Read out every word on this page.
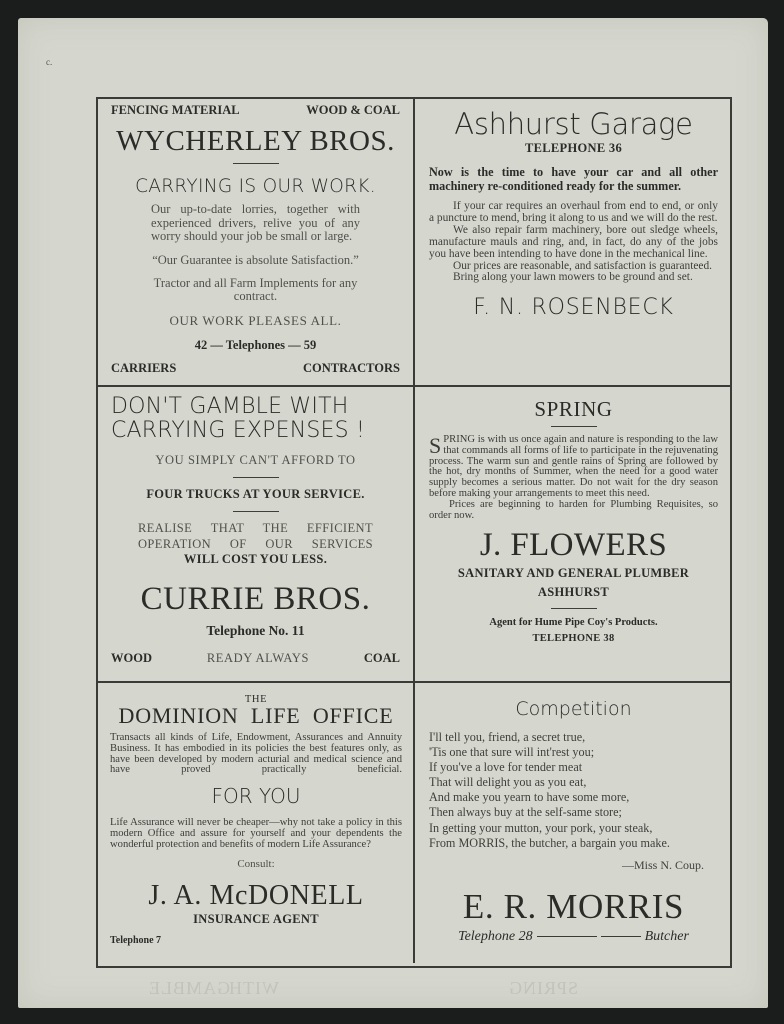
c.
FENCING MATERIAL	WOOD & COAL
WYCHERLEY BROS.
CARRYING IS OUR WORK.
Our up-to-date lorries, together with experienced drivers, relive you of any worry should your job be small or large.
“Our Guarantee is absolute Satisfaction.”
Tractor and all Farm Implements for any contract.
OUR WORK PLEASES ALL.
42 — Telephones — 59
CARRIERS	CONTRACTORS
Ashhurst Garage
TELEPHONE 36
Now is the time to have your car and all other machinery re-conditioned ready for the summer.

If your car requires an overhaul from end to end, or only a puncture to mend, bring it along to us and we will do the rest.

We also repair farm machinery, bore out sledge wheels, manufacture mauls and ring, and, in fact, do any of the jobs you have been intending to have done in the mechanical line.

Our prices are reasonable, and satisfaction is guaranteed.

Bring along your lawn mowers to be ground and set.

F. N. ROSENBECK
DON'T GAMBLE WITH
CARRYING EXPENSES !
YOU SIMPLY CAN'T AFFORD TO
FOUR TRUCKS AT YOUR SERVICE.
REALISE THAT THE EFFICIENT OPERATION OF OUR SERVICES
WILL COST YOU LESS.
CURRIE BROS.
Telephone No. 11
WOOD	READY ALWAYS	COAL
SPRING

SPRING is with us once again and nature is responding to the law that commands all forms of life to participate in the rejuvenating process. The warm sun and gentle rains of Spring are followed by the hot, dry months of Summer, when the need for a good water supply becomes a serious matter. Do not wait for the dry season before making your arrangements to meet this need.

Prices are beginning to harden for Plumbing Requisites, so order now.

J. FLOWERS
SANITARY AND GENERAL PLUMBER
ASHHURST
Agent for Hume Pipe Coy's Products.
TELEPHONE 38
THE
DOMINION LIFE OFFICE
Transacts all kinds of Life, Endowment, Assurances and Annuity Business. It has embodied in its policies the best features only, as have been developed by modern acturial and medical science and have proved practically beneficial.
FOR YOU
Life Assurance will never be cheaper—why not take a policy in this modern Office and assure for yourself and your dependents the wonderful protection and benefits of modern Life Assurance?
Consult:
J. A. McDONELL
INSURANCE AGENT
Telephone 7
Competition
I'll tell you, friend, a secret true,
'Tis one that sure will int'rest you;
If you've a love for tender meat
That will delight you as you eat,
And make you yearn to have some more,
Then always buy at the self-same store;
In getting your mutton, your pork, your steak,
From MORRIS, the butcher, a bargain you make.
—Miss N. Coup.
E. R. MORRIS
Telephone 28	Butcher
SPRING
WITH
GAMBLE
